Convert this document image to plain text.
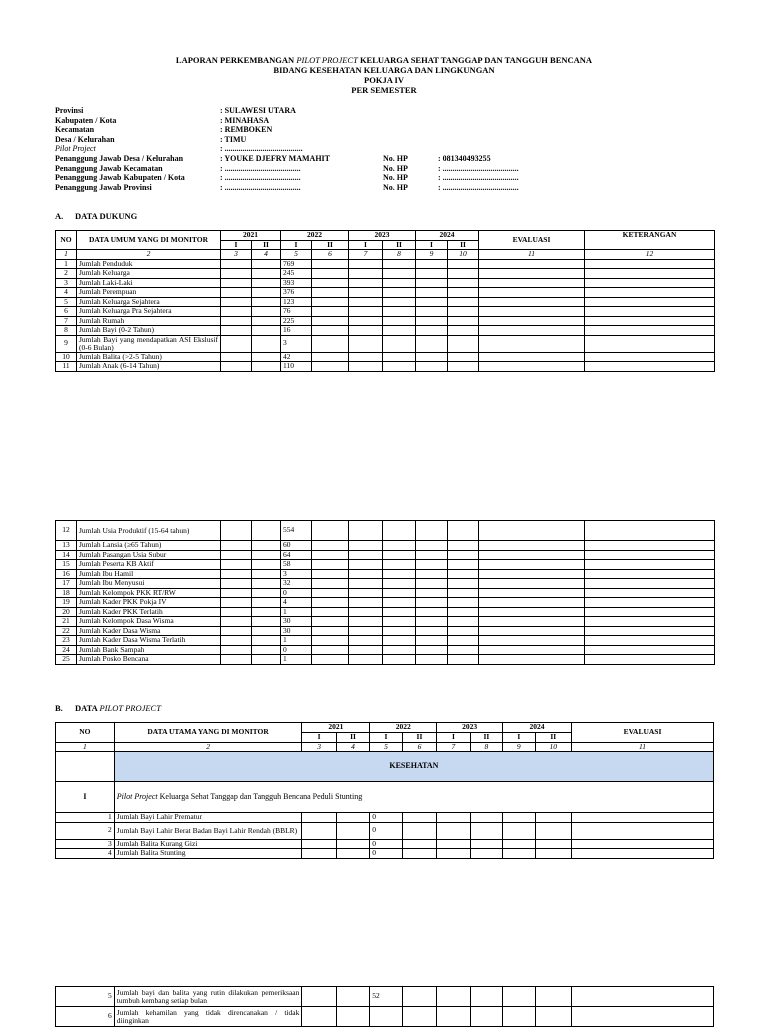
LAPORAN PERKEMBANGAN PILOT PROJECT KELUARGA SEHAT TANGGAP DAN TANGGUH BENCANA
BIDANG KESEHATAN KELUARGA DAN LINGKUNGAN
POKJA IV
PER SEMESTER
Provinsi	: SULAWESI UTARA
Kabupaten / Kota	: MINAHASA
Kecamatan	: REMBOKEN
Desa / Kelurahan	: TIMU
Pilot Project	: .......................................
Penanggung Jawab Desa / Kelurahan	: YOUKE DJEFRY MAMAHIT	No. HP	: 081340493255
Penanggung Jawab Kecamatan	: ......................................	No. HP	: ......................................
Penanggung Jawab Kabupaten / Kota	: ......................................	No. HP	: ......................................
Penanggung Jawab Provinsi	: ......................................	No. HP	: ......................................
A. DATA DUKUNG
NO	DATA UMUM YANG DI MONITOR	2021		2022		2023		2024		EVALUASI	KETERANGAN
		I	II	I	II	I	II	I	II		
1	2	3	4	5	6	7	8	9	10	11	12
1	Jumlah Penduduk			769							
2	Jumlah Keluarga			245							
3	Jumlah Laki-Laki			393							
4	Jumlah Perempuan			376							
5	Jumlah Keluarga Sejahtera			123							
6	Jumlah Keluarga Pra Sejahtera			76							
7	Jumlah Rumah			225							
8	Jumlah Bayi (0-2 Tahun)			16							
9	Jumlah Bayi yang mendapatkan ASI Ekslusif (0-6 Bulan)			3							
10	Jumlah Balita (>2-5 Tahun)			42							
11	Jumlah Anak (6-14 Tahun)			110							
12	Jumlah Usia Produktif (15-64 tahun)			554							
13	Jumlah Lansia (≥65 Tahun)			60							
14	Jumlah Pasangan Usia Subur			64							
15	Jumlah Peserta KB Aktif			58							
16	Jumlah Ibu Hamil			3							
17	Jumlah Ibu Menyusui			32							
18	Jumlah Kelompok PKK RT/RW			0							
19	Jumlah Kader PKK Pokja IV			4							
20	Jumlah Kader PKK Terlatih			1							
21	Jumlah Kelompok Dasa Wisma			30							
22	Jumlah Kader Dasa Wisma			30							
23	Jumlah Kader Dasa Wisma Terlatih			1							
24	Jumlah Bank Sampah			0							
25	Jumlah Posko Bencana			1							
B. DATA PILOT PROJECT
NO	DATA UTAMA YANG DI MONITOR	2021		2022		2023		2024		EVALUASI
		I	II	I	II	I	II	I	II	
1	2	3	4	5	6	7	8	9	10	11
	KESEHATAN									
I	Pilot Project Keluarga Sehat Tanggap dan Tangguh Bencana Peduli Stunting									
1	Jumlah Bayi Lahir Prematur			0						
2	Jumlah Bayi Lahir Berat Badan Bayi Lahir Rendah (BBLR)			0						
3	Jumlah Balita Kurang Gizi			0						
4	Jumlah Balita Stunting			0						
5	Jumlah bayi dan balita yang rutin dilakukan pemeriksaan tumbuh kembang setiap bulan			52						
6	Jumlah kehamilan yang tidak direncanakan / tidak diinginkan									
